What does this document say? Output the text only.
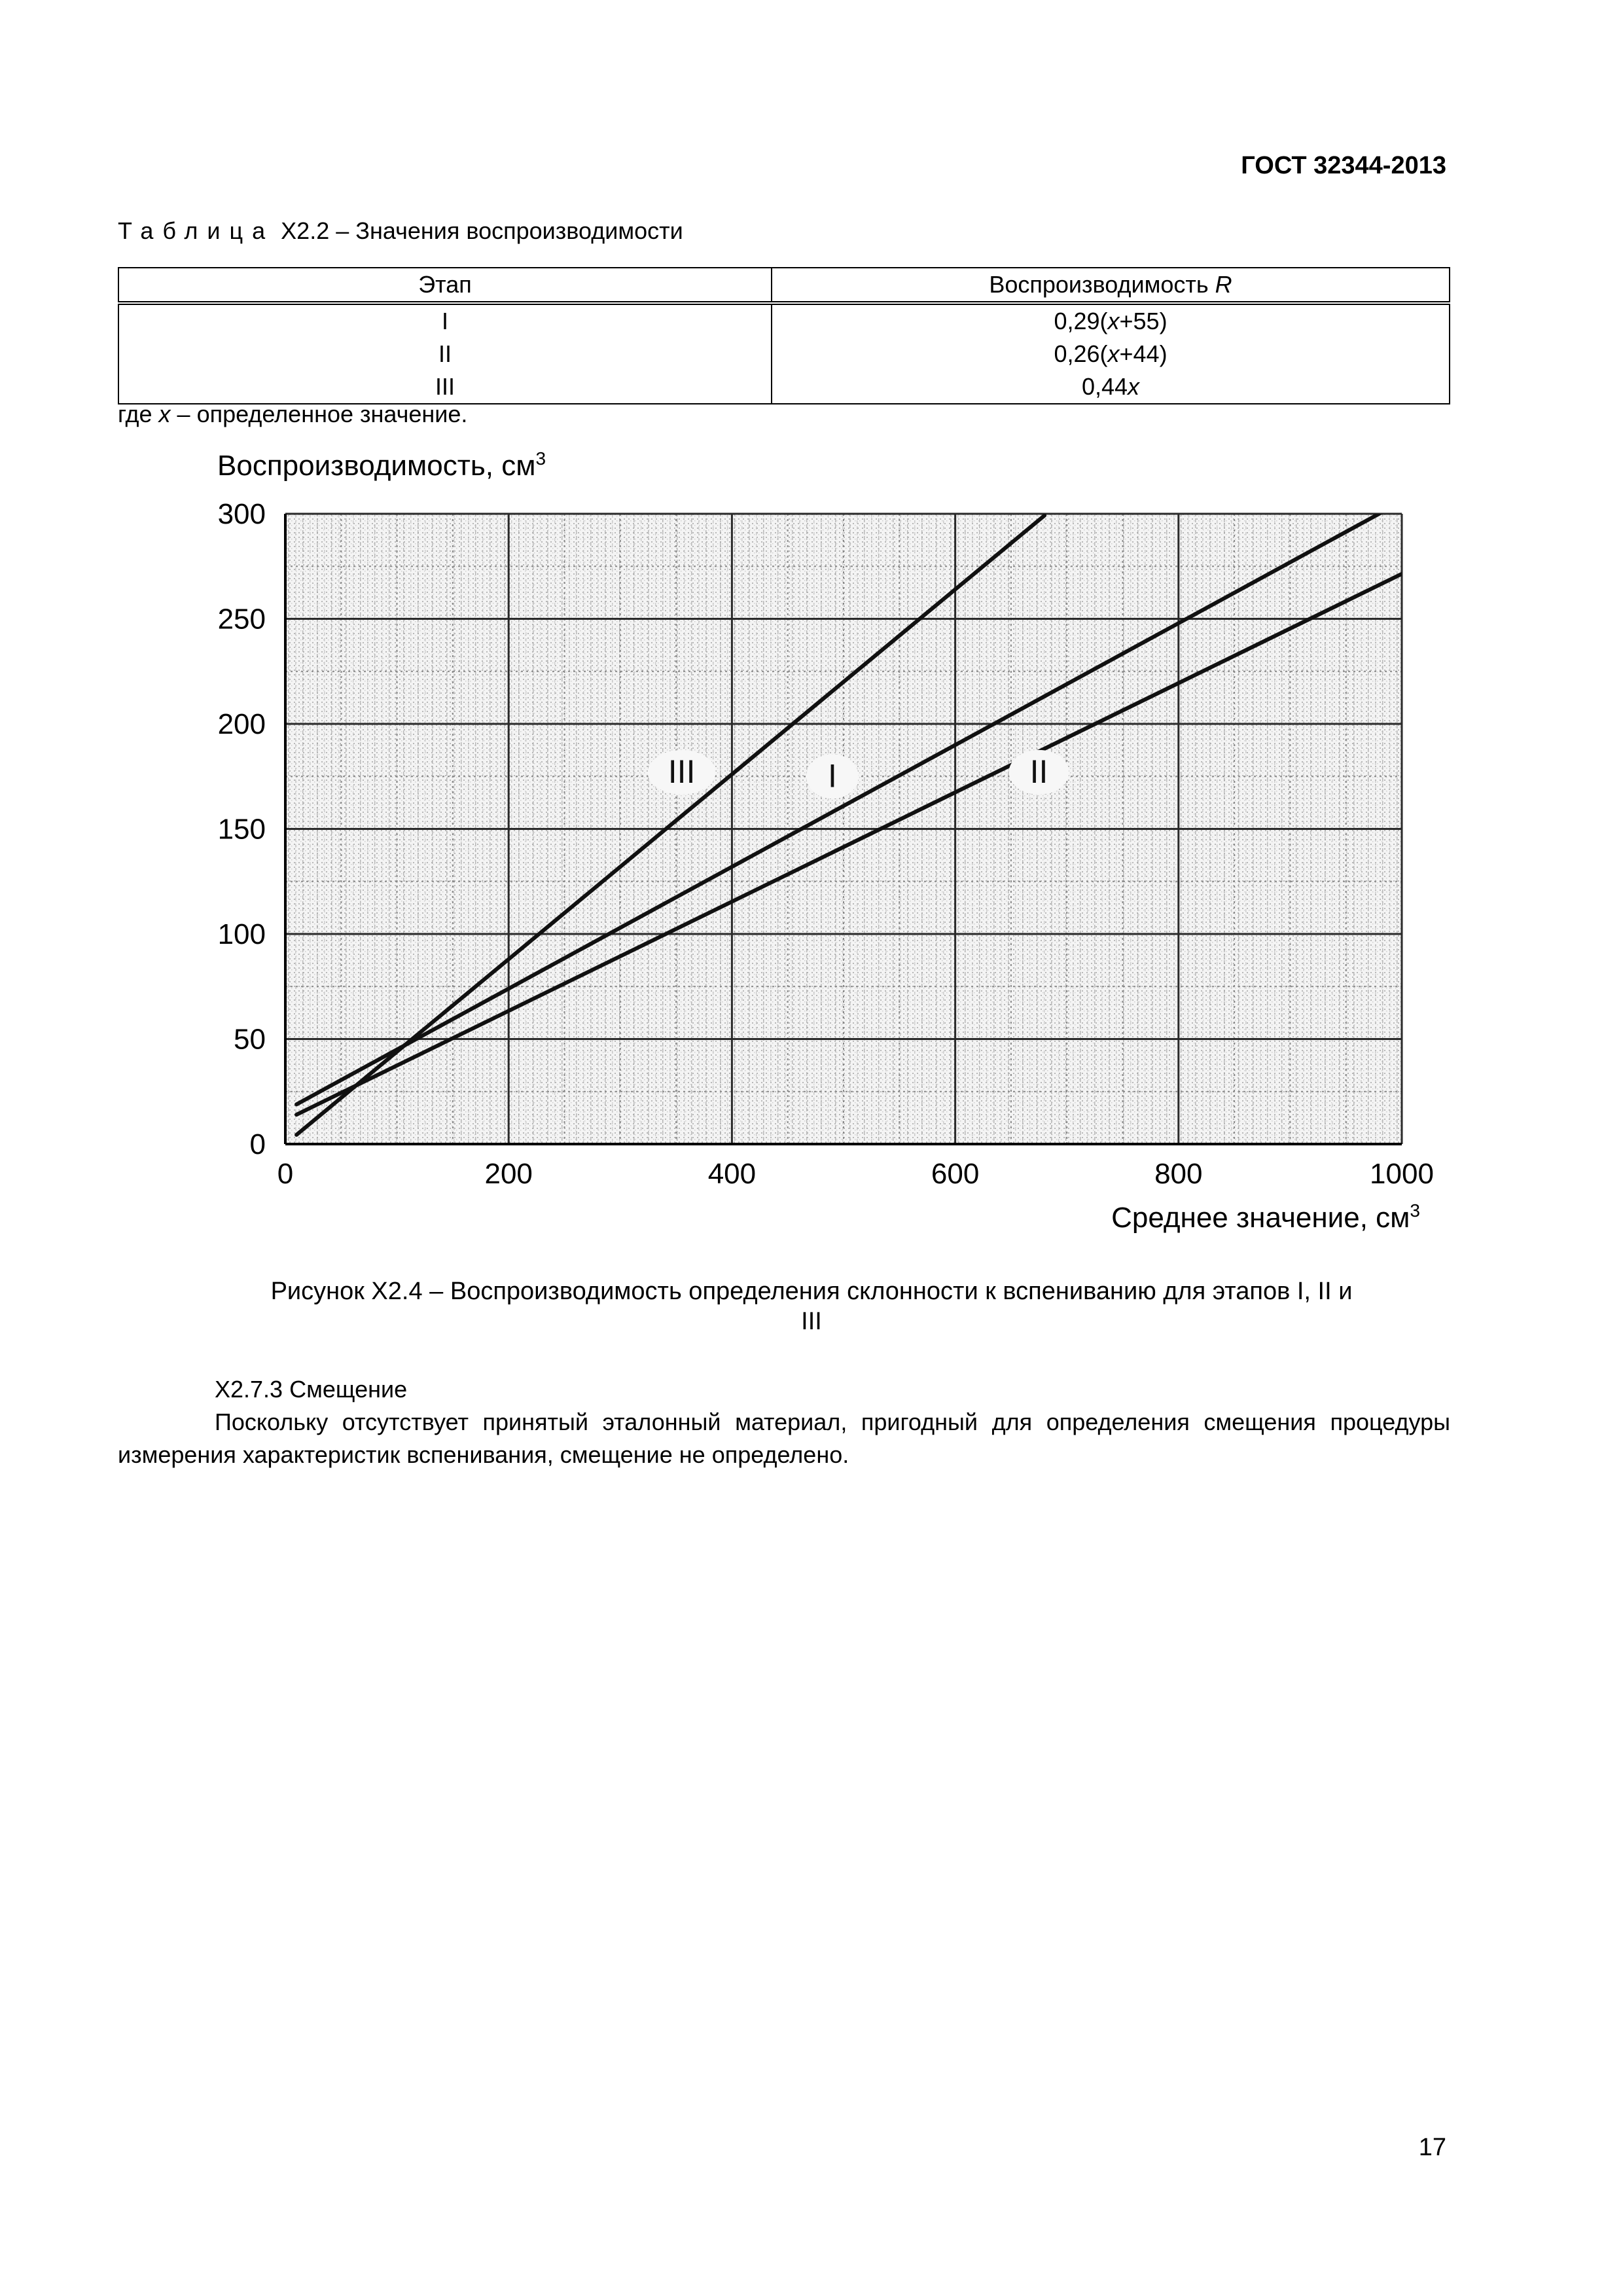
ГОСТ 32344-2013
Таблица Х2.2 – Значения воспроизводимости
Этап	Воспроизводимость R
I	0,29(x+55)
II	0,26(x+44)
III	0,44x
где x – определенное значение.
0	200	400	600	800	1000
0
50
100
150
200
250
300
I	II
III
Воспроизводимость, $см^3$
Среднее значение, $см^3$
Рисунок Х2.4 – Воспроизводимость определения склонности к вспениванию для этапов I, II и
III
Х2.7.3 Смещение
Поскольку отсутствует принятый эталонный материал, пригодный для определения смещения процедуры измерения характеристик вспенивания, смещение не определено.
17
